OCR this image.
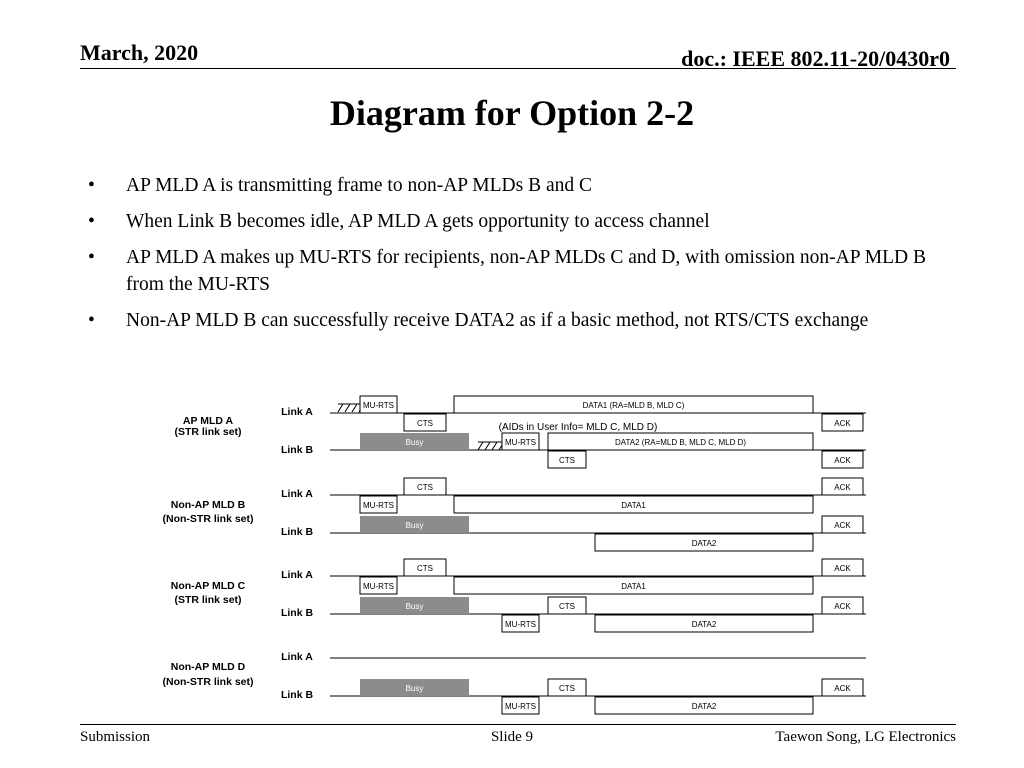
March, 2020	doc.: IEEE 802.11-20/0430r0
Diagram for Option 2-2
• AP MLD A is transmitting frame to non-AP MLDs B and C
• When Link B becomes idle, AP MLD A gets opportunity to access channel
• AP MLD A makes up MU-RTS for recipients, non-AP MLDs C and D, with omission non-AP MLD B from the MU-RTS
• Non-AP MLD B can successfully receive DATA2 as if a basic method, not RTS/CTS exchange
AP MLD A
(STR link set)
Link A
Link B
Non-AP MLD B
(Non-STR link set)
Link A
Link B
Non-AP MLD C
(STR link set)
Link A
Link B
Non-AP MLD D
(Non-STR link set)
Link A
Link B
MU-RTS	DATA1 (RA=MLD B, MLD C)
CTS	(AIDs in User Info= MLD C, MLD D)	ACK
Busy	MU-RTS	DATA2 (RA=MLD B, MLD C, MLD D)
CTS	ACK
CTS	ACK
MU-RTS	DATA1
Busy	ACK
DATA2
CTS	ACK
MU-RTS	DATA1
Busy	CTS	ACK
MU-RTS	DATA2
Busy	CTS	ACK
MU-RTS	DATA2
Submission	Slide 9	Taewon Song, LG Electronics
